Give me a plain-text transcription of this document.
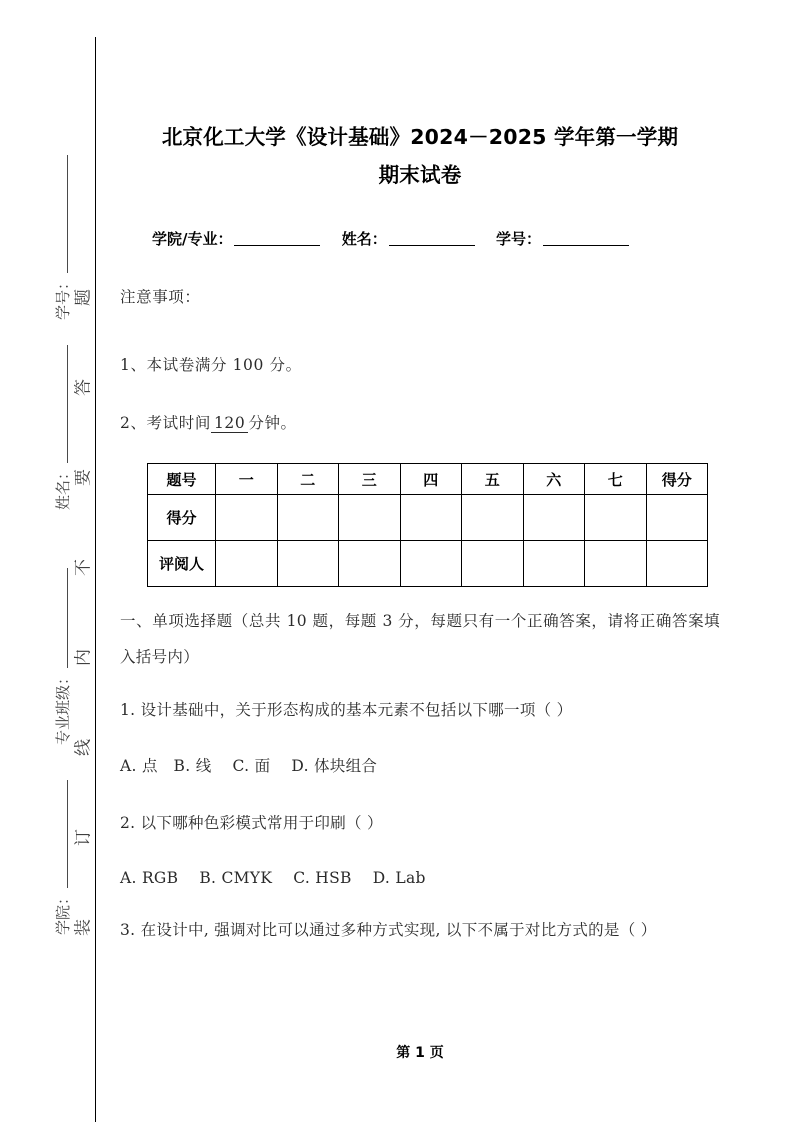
题
答
要
不
内
线
订
装
学号：
姓名：
专业班级：
学院：
北京化工大学《设计基础》2024－2025 学年第一学期
期末试卷
学院/专业：	姓名：	学号：
注意事项：
1、本试卷满分 100 分。
2、考试时间 120 分钟。
题号	一	二	三	四	五	六	七	得分
得分								
评阅人								
一、单项选择题（总共 10 题，每题 3 分，每题只有一个正确答案，请将正确答案填入括号内）
1. 设计基础中，关于形态构成的基本元素不包括以下哪一项（ ）
A. 点　B. 线　 C. 面　 D. 体块组合
2. 以下哪种色彩模式常用于印刷（ ）
A. RGB　 B. CMYK　 C. HSB　 D. Lab
3. 在设计中, 强调对比可以通过多种方式实现, 以下不属于对比方式的是（ ）
第 1 页
